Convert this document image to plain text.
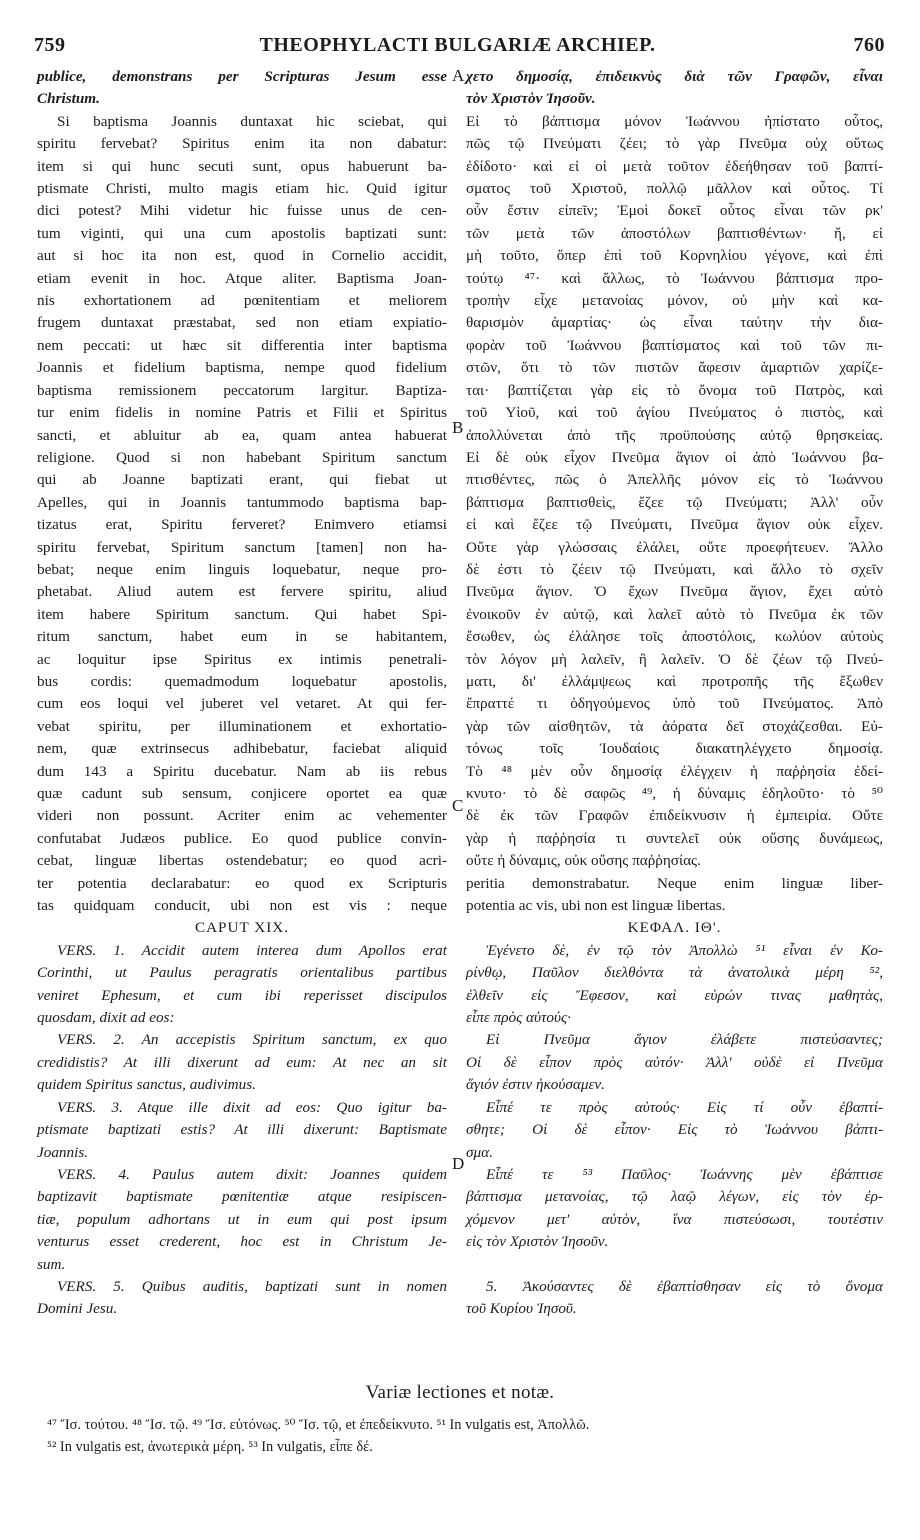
759	THEOPHYLACTI BULGARIÆ ARCHIEP.	760
publice, demonstrans per Scripturas Jesum esse
Christum.
Si baptisma Joannis duntaxat hic sciebat, qui
spiritu fervebat? Spiritus enim ita non dabatur:
item si qui hunc secuti sunt, opus habuerunt ba-
ptismate Christi, multo magis etiam hic. Quid igitur
dici potest? Mihi videtur hic fuisse unus de cen-
tum viginti, qui una cum apostolis baptizati sunt:
aut si hoc ita non est, quod in Cornelio accidit,
etiam evenit in hoc. Atque aliter. Baptisma Joan-
nis exhortationem ad pœnitentiam et meliorem
frugem duntaxat præstabat, sed non etiam expiatio-
nem peccati: ut hæc sit differentia inter baptisma
Joannis et fidelium baptisma, nempe quod fidelium
baptisma remissionem peccatorum largitur. Baptiza-
tur enim fidelis in nomine Patris et Filii et Spiritus
sancti, et abluitur ab ea, quam antea habuerat
religione. Quod si non habebant Spiritum sanctum
qui ab Joanne baptizati erant, qui fiebat ut
Apelles, qui in Joannis tantummodo baptisma bap-
tizatus erat, Spiritu ferveret? Enimvero etiamsi
spiritu fervebat, Spiritum sanctum [tamen] non ha-
bebat; neque enim linguis loquebatur, neque pro-
phetabat. Aliud autem est fervere spiritu, aliud
item habere Spiritum sanctum. Qui habet Spi-
ritum sanctum, habet eum in se habitantem,
ac loquitur ipse Spiritus ex intimis penetrali-
bus cordis: quemadmodum loquebatur apostolis,
cum eos loqui vel juberet vel vetaret. At qui fer-
vebat spiritu, per illuminationem et exhortatio-
nem, quæ extrinsecus adhibebatur, faciebat aliquid
dum 143 a Spiritu ducebatur. Nam ab iis rebus
quæ cadunt sub sensum, conjicere oportet ea quæ
videri non possunt. Acriter enim ac vehementer
confutabat Judæos publice. Eo quod publice convin-
cebat, linguæ libertas ostendebatur; eo quod acri-
ter potentia declarabatur: eo quod ex Scripturis
tas quidquam conducit, ubi non est vis : neque
CAPUT XIX.
VERS. 1. Accidit autem interea dum Apollos erat
Corinthi, ut Paulus peragratis orientalibus partibus
veniret Ephesum, et cum ibi reperisset discipulos
quosdam, dixit ad eos:
VERS. 2. An accepistis Spiritum sanctum, ex quo
credidistis? At illi dixerunt ad eum: At nec an sit
quidem Spiritus sanctus, audivimus.
VERS. 3. Atque ille dixit ad eos: Quo igitur ba-
ptismate baptizati estis? At illi dixerunt: Baptismate
Joannis.
VERS. 4. Paulus autem dixit: Joannes quidem
baptizavit baptismate pœnitentiæ atque resipiscen-
tiæ, populum adhortans ut in eum qui post ipsum
venturus esset crederent, hoc est in Christum Je-
sum.
VERS. 5. Quibus auditis, baptizati sunt in nomen
Domini Jesu.
χετο δημοσίᾳ, ἐπιδεικνὺς διὰ τῶν Γραφῶν, εἶναι
τὸν Χριστὸν Ἰησοῦν.
Εἰ τὸ βάπτισμα μόνον Ἰωάννου ἠπίστατο οὗτος,
πῶς τῷ Πνεύματι ζέει; τὸ γὰρ Πνεῦμα οὐχ οὕτως
ἐδίδοτο· καὶ εἰ οἱ μετὰ τοῦτον ἐδεήθησαν τοῦ βαπτί-
σματος τοῦ Χριστοῦ, πολλῷ μᾶλλον καὶ οὗτος. Τί
οὖν ἔστιν εἰπεῖν; Ἐμοὶ δοκεῖ οὗτος εἶναι τῶν ρκ'
τῶν μετὰ τῶν ἀποστόλων βαπτισθέντων· ἤ, εἰ
μὴ τοῦτο, ὅπερ ἐπὶ τοῦ Κορνηλίου γέγονε, καὶ ἐπὶ
τούτῳ ⁴⁷· καὶ ἄλλως, τὸ Ἰωάννου βάπτισμα προ-
τροπὴν εἶχε μετανοίας μόνον, οὐ μὴν καὶ κα-
θαρισμὸν ἁμαρτίας· ὡς εἶναι ταύτην τὴν δια-
φορὰν τοῦ Ἰωάννου βαπτίσματος καὶ τοῦ τῶν πι-
στῶν, ὅτι τὸ τῶν πιστῶν ἄφεσιν ἁμαρτιῶν χαρίζε-
ται· βαπτίζεται γὰρ εἰς τὸ ὄνομα τοῦ Πατρὸς, καὶ
τοῦ Υἱοῦ, καὶ τοῦ ἁγίου Πνεύματος ὁ πιστὸς, καὶ
ἀπολλύνεται ἀπὸ τῆς προϋπούσης αὐτῷ θρησκείας.
Εἰ δὲ οὐκ εἶχον Πνεῦμα ἅγιον οἱ ἀπὸ Ἰωάννου βα-
πτισθέντες, πῶς ὁ Ἀπελλῆς μόνον εἰς τὸ Ἰωάννου
βάπτισμα βαπτισθεὶς, ἔζεε τῷ Πνεύματι; Ἀλλ' οὖν
εἰ καὶ ἔζεε τῷ Πνεύματι, Πνεῦμα ἅγιον οὐκ εἶχεν.
Οὔτε γὰρ γλώσσαις ἐλάλει, οὔτε προεφήτευεν. Ἄλλο
δὲ ἐστι τὸ ζέειν τῷ Πνεύματι, καὶ ἄλλο τὸ σχεῖν
Πνεῦμα ἅγιον. Ὁ ἔχων Πνεῦμα ἅγιον, ἔχει αὐτὸ
ἐνοικοῦν ἐν αὐτῷ, καὶ λαλεῖ αὐτὸ τὸ Πνεῦμα ἐκ τῶν
ἔσωθεν, ὡς ἐλάλησε τοῖς ἀποστόλοις, κωλύον αὐτοὺς
τὸν λόγον μὴ λαλεῖν, ἢ λαλεῖν. Ὁ δὲ ζέων τῷ Πνεύ-
ματι, δι' ἐλλάμψεως καὶ προτροπῆς τῆς ἔξωθεν
ἔπραττέ τι ὁδηγούμενος ὑπὸ τοῦ Πνεύματος. Ἀπὸ
γὰρ τῶν αἰσθητῶν, τὰ ἀόρατα δεῖ στοχάζεσθαι. Εὐ-
τόνως τοῖς Ἰουδαίοις διακατηλέγχετο δημοσίᾳ.
Τὸ ⁴⁸ μὲν οὖν δημοσίᾳ ἐλέγχειν ἡ παῤῥησία ἐδεί-
κνυτο· τὸ δὲ σαφῶς ⁴⁹, ἡ δύναμις ἐδηλοῦτο· τὸ ⁵⁰
δὲ ἐκ τῶν Γραφῶν ἐπιδείκνυσιν ἡ ἐμπειρία. Οὔτε
γὰρ ἡ παῤῥησία τι συντελεῖ οὐκ οὔσης δυνάμεως,
οὔτε ἡ δύναμις, οὐκ οὔσης παῤῥησίας.
peritia demonstrabatur. Neque enim linguæ liber-
potentia ac vis, ubi non est linguæ libertas.
ΚΕΦΑΛ. ΙΘ'.
Ἐγένετο δὲ, ἐν τῷ τὸν Ἀπολλὼ ⁵¹ εἶναι ἐν Κο-
ρίνθῳ, Παῦλον διελθόντα τὰ ἀνατολικὰ μέρη ⁵²,
ἐλθεῖν εἰς Ἔφεσον, καὶ εὑρών τινας μαθητὰς,
εἶπε πρὸς αὐτούς·
Εἰ Πνεῦμα ἅγιον ἐλάβετε πιστεύσαντες;
Οἱ δὲ εἶπον πρὸς αὐτόν· Ἀλλ' οὐδὲ εἰ Πνεῦμα
ἅγιόν ἐστιν ἠκούσαμεν.
Εἶπέ τε πρὸς αὐτούς· Εἰς τί οὖν ἐβαπτί-
σθητε; Οἱ δὲ εἶπον· Εἰς τὸ Ἰωάννου βάπτι-
σμα.
Εἶπέ τε ⁵³ Παῦλος· Ἰωάννης μὲν ἐβάπτισε
βάπτισμα μετανοίας, τῷ λαῷ λέγων, εἰς τὸν ἐρ-
χόμενον μετ' αὐτὸν, ἵνα πιστεύσωσι, τουτέστιν
εἰς τὸν Χριστὸν Ἰησοῦν.
5. Ἀκούσαντες δὲ ἐβαπτίσθησαν εἰς τὸ ὄνομα
τοῦ Κυρίου Ἰησοῦ.
A
B
C
D
Variæ lectiones et notæ.
⁴⁷ Ἴσ. τούτου. ⁴⁸ Ἴσ. τῷ. ⁴⁹ Ἴσ. εὐτόνως. ⁵⁰ Ἴσ. τῷ, et ἐπεδείκνυτο. ⁵¹ In vulgatis est, Ἀπολλῶ.
⁵² In vulgatis est, ἀνωτερικὰ μέρη. ⁵³ In vulgatis, εἶπε δέ.
